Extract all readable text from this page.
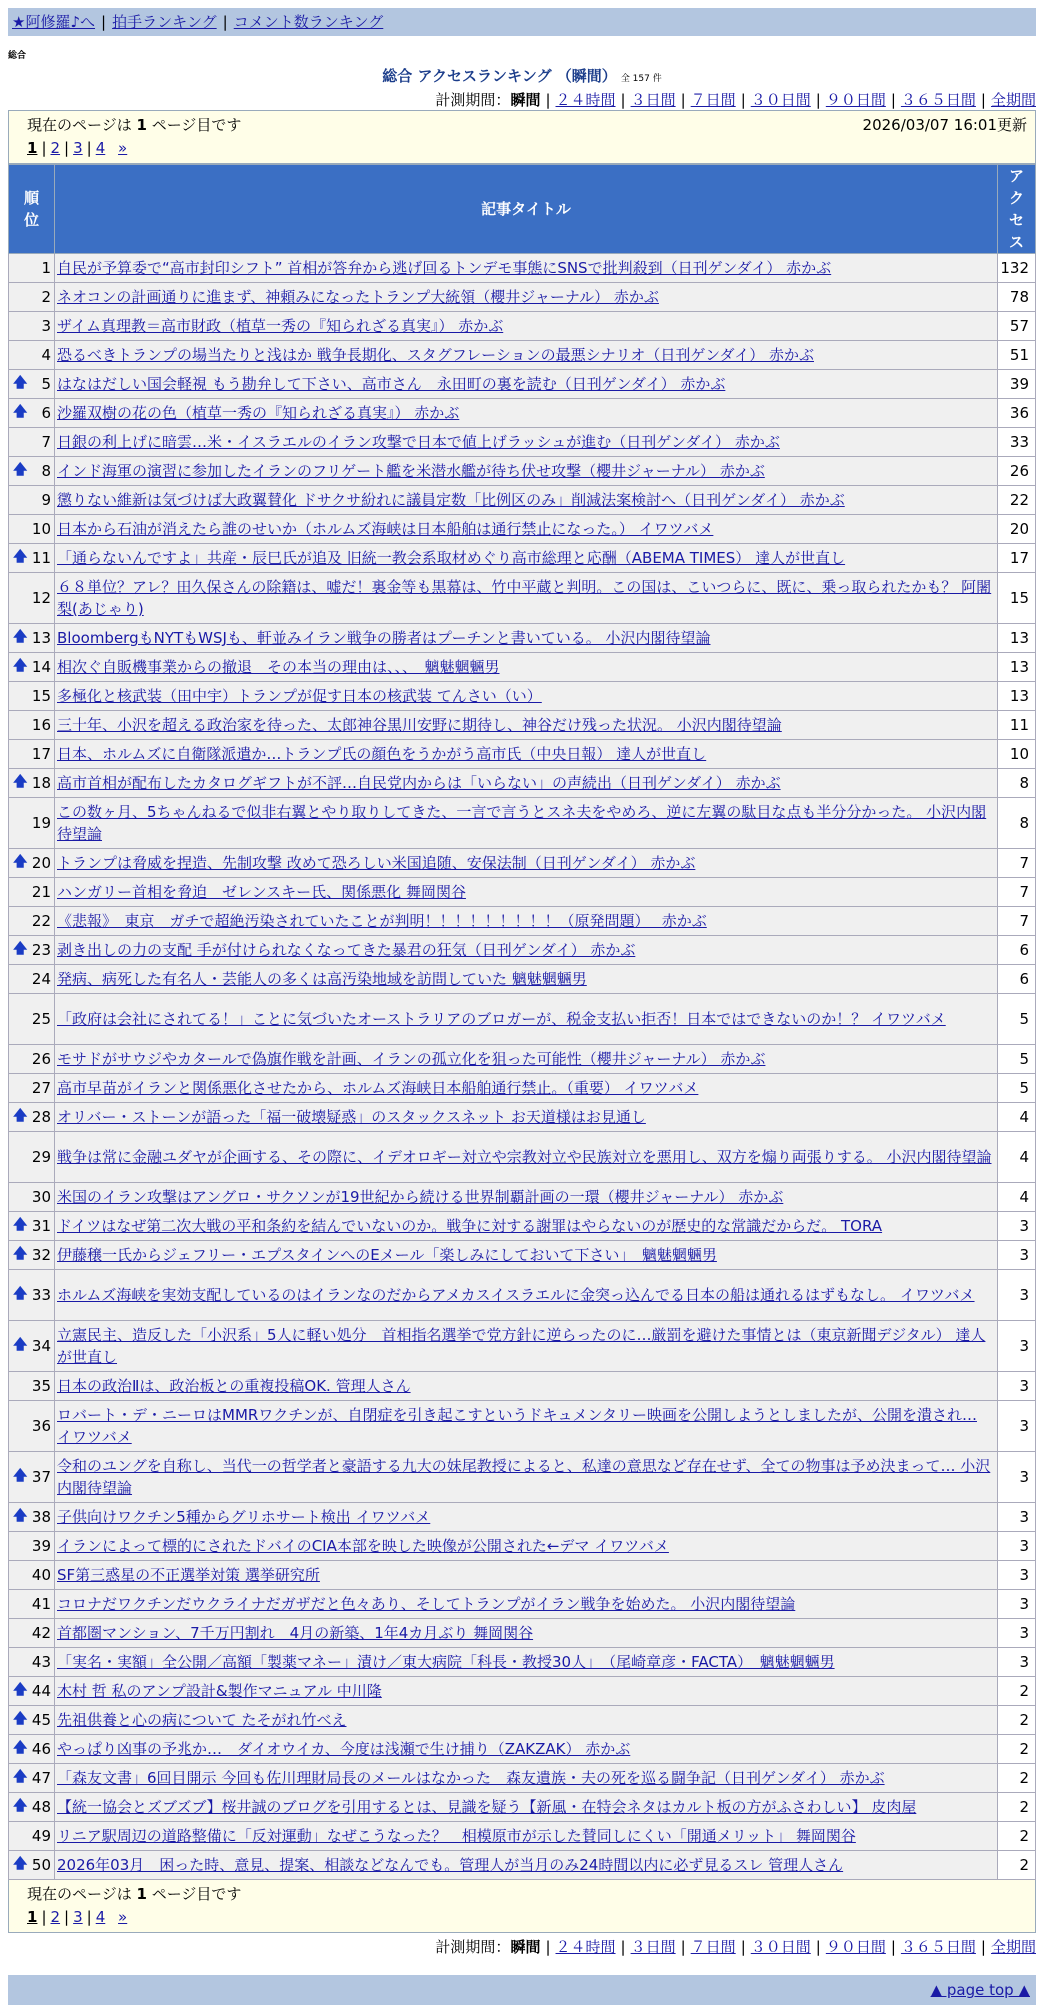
★阿修羅♪へ | 拍手ランキング | コメント数ランキング
総合
総合 アクセスランキング （瞬間） 全 157 件
計測期間：瞬間 | ２４時間 | ３日間 | ７日間 | ３０日間 | ９０日間 | ３６５日間 | 全期間
現在のページは 1 ページ目です	2026/03/07 16:01更新
1 | 2 | 3 | 4 »
順位	記事タイトル	アクセス
1	自民が予算委で“高市封印シフト” 首相が答弁から逃げ回るトンデモ事態にSNSで批判殺到（日刊ゲンダイ） 赤かぶ	132
2	ネオコンの計画通りに進まず、神頼みになったトランプ大統領（櫻井ジャーナル） 赤かぶ	78
3	ザイム真理教＝高市財政（植草一秀の『知られざる真実』） 赤かぶ	57
4	恐るべきトランプの場当たりと浅はか 戦争長期化、スタグフレーションの最悪シナリオ（日刊ゲンダイ） 赤かぶ	51

🡅 5	はなはだしい国会軽視 もう勘弁して下さい、高市さん　永田町の裏を読む（日刊ゲンダイ） 赤かぶ	39

🡅 6	沙羅双樹の花の色（植草一秀の『知られざる真実』） 赤かぶ	36
7	日銀の利上げに暗雲…米・イスラエルのイラン攻撃で日本で値上げラッシュが進む（日刊ゲンダイ） 赤かぶ	33

🡅 8	インド海軍の演習に参加したイランのフリゲート艦を米潜水艦が待ち伏せ攻撃（櫻井ジャーナル） 赤かぶ	26
9	懲りない維新は気づけば大政翼賛化 ドサクサ紛れに議員定数「比例区のみ」削減法案検討へ（日刊ゲンダイ） 赤かぶ	22
10	日本から石油が消えたら誰のせいか（ホルムズ海峡は日本船舶は通行禁止になった。） イワツバメ	20

🡅 11	「通らないんですよ」共産・辰巳氏が追及 旧統一教会系取材めぐり高市総理と応酬（ABEMA TIMES） 達人が世直し	17
12	６８単位？アレ？田久保さんの除籍は、嘘だ！裏金等も黒幕は、竹中平蔵と判明。この国は、こいつらに、既に、乗っ取られたかも？ 阿闍梨(あじゃり)	15

🡅 13	BloombergもNYTもWSJも、軒並みイラン戦争の勝者はプーチンと書いている。 小沢内閣待望論	13

🡅 14	相次ぐ自販機事業からの撤退　その本当の理由は、、、　魑魅魍魎男	13
15	多極化と核武装（田中宇）トランプが促す日本の核武装 てんさい（い）	13
16	三十年、小沢を超える政治家を待った、太郎神谷黒川安野に期待し、神谷だけ残った状況。 小沢内閣待望論	11
17	日本、ホルムズに自衛隊派遣か…トランプ氏の顔色をうかがう高市氏（中央日報） 達人が世直し	10

🡅 18	高市首相が配布したカタログギフトが不評…自民党内からは「いらない」の声続出（日刊ゲンダイ） 赤かぶ	8
19	この数ヶ月、5ちゃんねるで似非右翼とやり取りしてきた、一言で言うとスネ夫をやめろ、逆に左翼の駄目な点も半分分かった。 小沢内閣待望論	8

🡅 20	トランプは脅威を捏造、先制攻撃 改めて恐ろしい米国追随、安保法制（日刊ゲンダイ） 赤かぶ	7
21	ハンガリー首相を脅迫　ゼレンスキー氏、関係悪化 舞岡関谷	7
22	《悲報》　東京　ガチで超絶汚染されていたことが判明！！！！！！！！！（原発問題）　 赤かぶ	7

🡅 23	剥き出しの力の支配 手が付けられなくなってきた暴君の狂気（日刊ゲンダイ） 赤かぶ	6
24	発病、病死した有名人・芸能人の多くは高汚染地域を訪問していた 魑魅魍魎男	6
25	「政府は会社にされてる！」ことに気づいたオーストラリアのブロガーが、税金支払い拒否！日本ではできないのか！？ イワツバメ	5
26	モサドがサウジやカタールで偽旗作戦を計画、イランの孤立化を狙った可能性（櫻井ジャーナル） 赤かぶ	5
27	高市早苗がイランと関係悪化させたから、ホルムズ海峡日本船舶通行禁止。（重要） イワツバメ	5

🡅 28	オリバー・ストーンが語った「福一破壊疑惑」のスタックスネット お天道様はお見通し	4
29	戦争は常に金融ユダヤが企画する、その際に、イデオロギー対立や宗教対立や民族対立を悪用し、双方を煽り両張りする。 小沢内閣待望論	4
30	米国のイラン攻撃はアングロ・サクソンが19世紀から続ける世界制覇計画の一環（櫻井ジャーナル） 赤かぶ	4

🡅 31	ドイツはなぜ第二次大戦の平和条約を結んでいないのか。戦争に対する謝罪はやらないのが歴史的な常識だからだ。 TORA	3

🡅 32	伊藤穣一氏からジェフリー・エプスタインへのEメール「楽しみにしておいて下さい」　魑魅魍魎男	3

🡅 33	ホルムズ海峡を実効支配しているのはイランなのだからアメカスイスラエルに金突っ込んでる日本の船は通れるはずもなし。 イワツバメ	3

🡅 34	立憲民主、造反した「小沢系」5人に軽い処分　首相指名選挙で党方針に逆らったのに…厳罰を避けた事情とは（東京新聞デジタル） 達人が世直し	3
35	日本の政治Ⅱは、政治板との重複投稿OK. 管理人さん	3
36	ロバート・デ・ニーロはMMRワクチンが、自閉症を引き起こすというドキュメンタリー映画を公開しようとしましたが、公開を潰され… イワツバメ	3

🡅 37	令和のユングを自称し、当代一の哲学者と豪語する九大の妹尾教授によると、私達の意思など存在せず、全ての物事は予め決まって… 小沢内閣待望論	3

🡅 38	子供向けワクチン5種からグリホサート検出 イワツバメ	3
39	イランによって標的にされたドバイのCIA本部を映した映像が公開された←デマ イワツバメ	3
40	SF第三惑星の不正選挙対策 選挙研究所	3
41	コロナだワクチンだウクライナだガザだと色々あり、そしてトランプがイラン戦争を始めた。 小沢内閣待望論	3
42	首都圏マンション、7千万円割れ　4月の新築、1年4カ月ぶり 舞岡関谷	3
43	「実名・実額」全公開／高額「製薬マネー」漬け／東大病院「科長・教授30人」　（尾崎章彦・FACTA）　魑魅魍魎男	3

🡅 44	木村 哲 私のアンプ設計&製作マニュアル 中川隆	2

🡅 45	先祖供養と心の病について たそがれ竹べえ	2

🡅 46	やっぱり凶事の予兆か…　ダイオウイカ、今度は浅瀬で生け捕り（ZAKZAK） 赤かぶ	2

🡅 47	「森友文書」6回目開示 今回も佐川理財局長のメールはなかった　森友遺族・夫の死を巡る闘争記（日刊ゲンダイ） 赤かぶ	2

🡅 48	【統一協会とズブズブ】桜井誠のブログを引用するとは、見識を疑う【新風・在特会ネタはカルト板の方がふさわしい】 皮肉屋	2
49	リニア駅周辺の道路整備に「反対運動」なぜこうなった？　相模原市が示した賛同しにくい「開通メリット」 舞岡関谷	2

🡅 50	2026年03月　困った時、意見、提案、相談などなんでも。管理人が当月のみ24時間以内に必ず見るスレ 管理人さん	2
現在のページは 1 ページ目です
1 | 2 | 3 | 4 »
計測期間：瞬間 | ２４時間 | ３日間 | ７日間 | ３０日間 | ９０日間 | ３６５日間 | 全期間
▲ page top ▲
